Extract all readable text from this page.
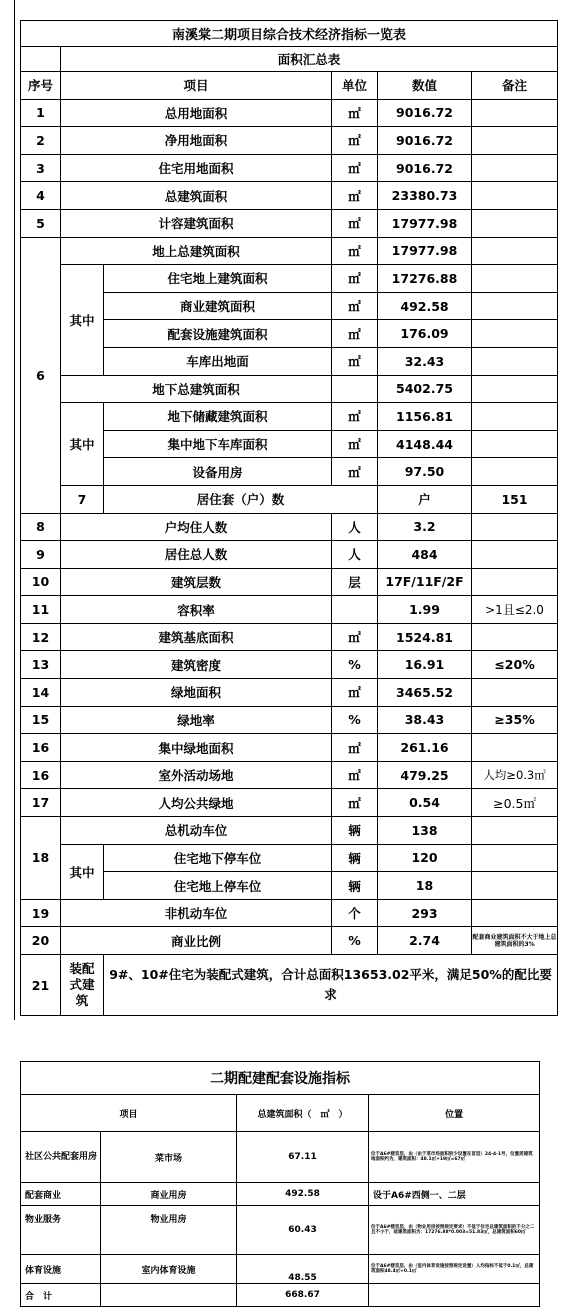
南溪棠二期项目综合技术经济指标一览表						
	面积汇总表					
序号	项目		单位	数值	备注	
1	总用地面积		㎡	9016.72		
2	净用地面积		㎡	9016.72		
3	住宅用地面积		㎡	9016.72		
4	总建筑面积		㎡	23380.73		
5	计容建筑面积		㎡	17977.98		
6	地上总建筑面积		㎡	17977.98		
	其中	住宅地上建筑面积	㎡	17276.88		
		商业建筑面积	㎡	492.58		
		配套设施建筑面积	㎡	176.09		
		车库出地面	㎡	32.43		
	地下总建筑面积			5402.75		
	其中	地下储藏建筑面积	㎡	1156.81		
		集中地下车库面积	㎡	4148.44		
		设备用房	㎡	97.50		
	7	居住套（户）数		户	151	
8	户均住人数		人	3.2		
9	居住总人数		人	484		
10	建筑层数		层	17F/11F/2F		
11	容积率			1.99	>1且≤2.0	
12	建筑基底面积		㎡	1524.81		
13	建筑密度		%	16.91	≤20%	
14	绿地面积		㎡	3465.52		
15	绿地率		%	38.43	≥35%	
16	集中绿地面积		㎡	261.16		
16	室外活动场地		㎡	479.25	人均≥0.3㎡	
17	人均公共绿地		㎡	0.54	≥0.5㎡	
18	总机动车位		辆	138		
	其中	住宅地下停车位	辆	120		
		住宅地上停车位	辆	18		
19	非机动车位		个	293		
20	商业比例		%	2.74	配套商业建筑面积不大于地上总建筑面积的3%	
21	装配式建筑	9#、10#住宅为装配式建筑，合计总面积13653.02平米，满足50%的配比要求				
二期配建配套设施指标			
项目		总建筑面积（　㎡　）	位置
社区公共配套用房	菜市场	67.11	位于A6#楼首层，由（由于菜市场面积较少设置在首层）24-4-1号，位置居建筑地面积约为，建筑面积：48.1㎡+19㎡=67㎡
配套商业	商业用房	492.58	设于A6#西侧一、二层
物业服务	物业用房	60.43	位于A6#楼首层，由（物业用房按照规定要求）不低于住宅总建筑面积的千分之二且不小于，故建筑面积为：17276.88*0.003=51.83㎡，总建筑面积60㎡
体育设施	室内体育设施	48.55	位于A6#楼首层，由（室内体育设施按照规定设置）人均指标不低于0.1㎡，总建筑面积48.4㎡+0.1㎡
合　计		668.67	
